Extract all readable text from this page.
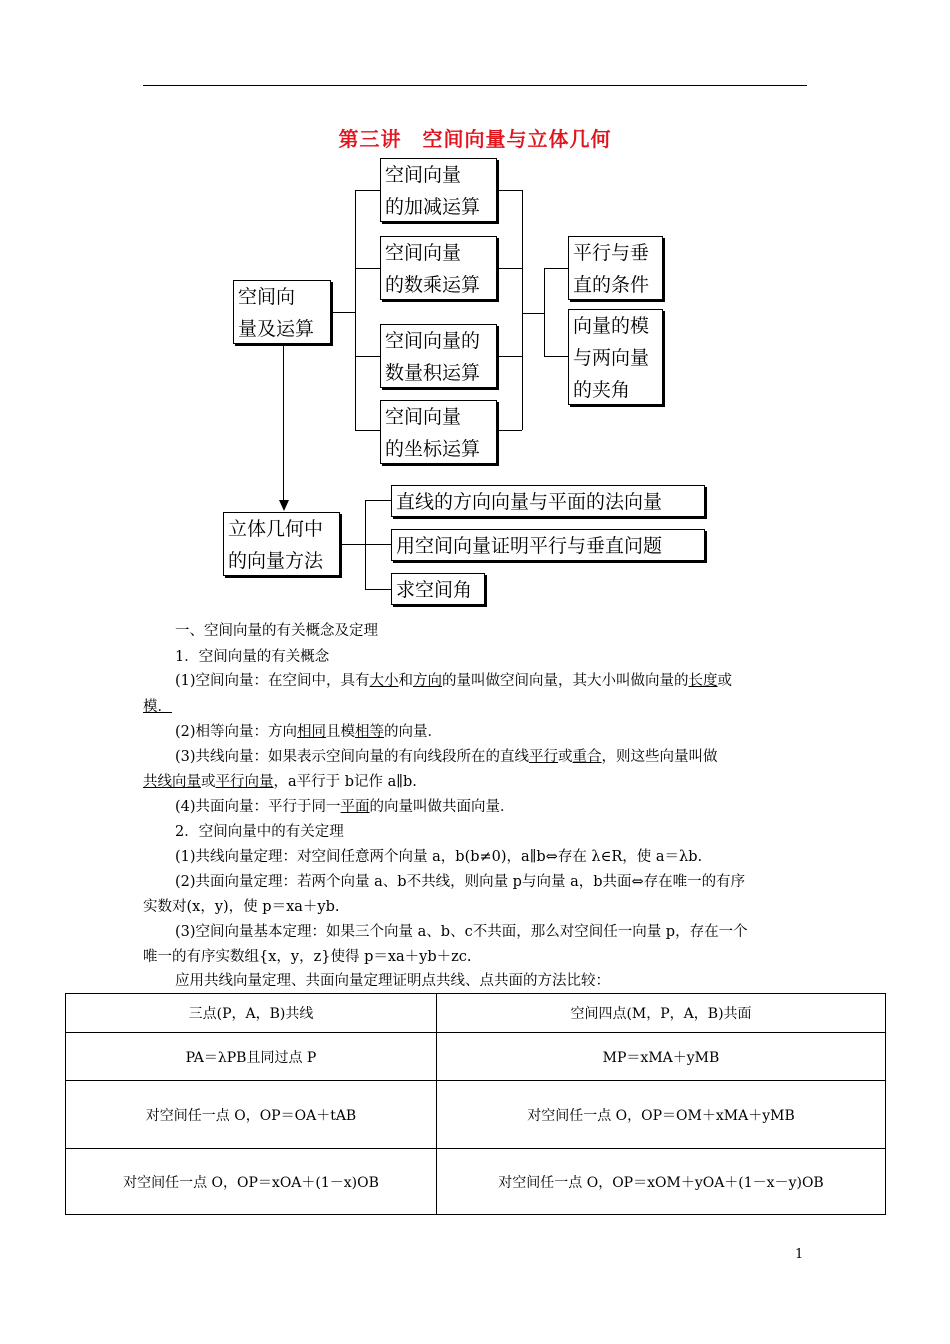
第三讲　空间向量与立体几何
空间向
量及运算
空间向量
的加减运算
空间向量
的数乘运算
空间向量的
数量积运算
空间向量
的坐标运算
平行与垂
直的条件
向量的模
与两向量
的夹角
立体几何中
的向量方法
直线的方向向量与平面的法向量
用空间向量证明平行与垂直问题
求空间角
一、空间向量的有关概念及定理
1．空间向量的有关概念
(1)空间向量：在空间中，具有大小和方向的量叫做空间向量，其大小叫做向量的长度或
模．
(2)相等向量：方向相同且模相等的向量．
(3)共线向量：如果表示空间向量的有向线段所在的直线平行或重合，则这些向量叫做
共线向量或平行向量，a平行于 b记作 a∥b.
(4)共面向量：平行于同一平面的向量叫做共面向量．
2．空间向量中的有关定理
(1)共线向量定理：对空间任意两个向量 a，b(b≠0)，a∥b⇔存在 λ∈R，使 a＝λb.
(2)共面向量定理：若两个向量 a、b不共线，则向量 p与向量 a，b共面⇔存在唯一的有序
实数对(x，y)，使 p＝xa＋yb.
(3)空间向量基本定理：如果三个向量 a、b、c不共面，那么对空间任一向量 p，存在一个
唯一的有序实数组{x，y，z}使得 p＝xa＋yb＋zc.
应用共线向量定理、共面向量定理证明点共线、点共面的方法比较：
三点(P，A，B)共线	空间四点(M，P，A，B)共面
PA＝λPB且同过点 P	MP＝xMA＋yMB
对空间任一点 O，OP＝OA＋tAB	对空间任一点 O，OP＝OM＋xMA＋yMB
对空间任一点 O，OP＝xOA＋(1－x)OB	对空间任一点 O，OP＝xOM＋yOA＋(1－x－y)OB
1
